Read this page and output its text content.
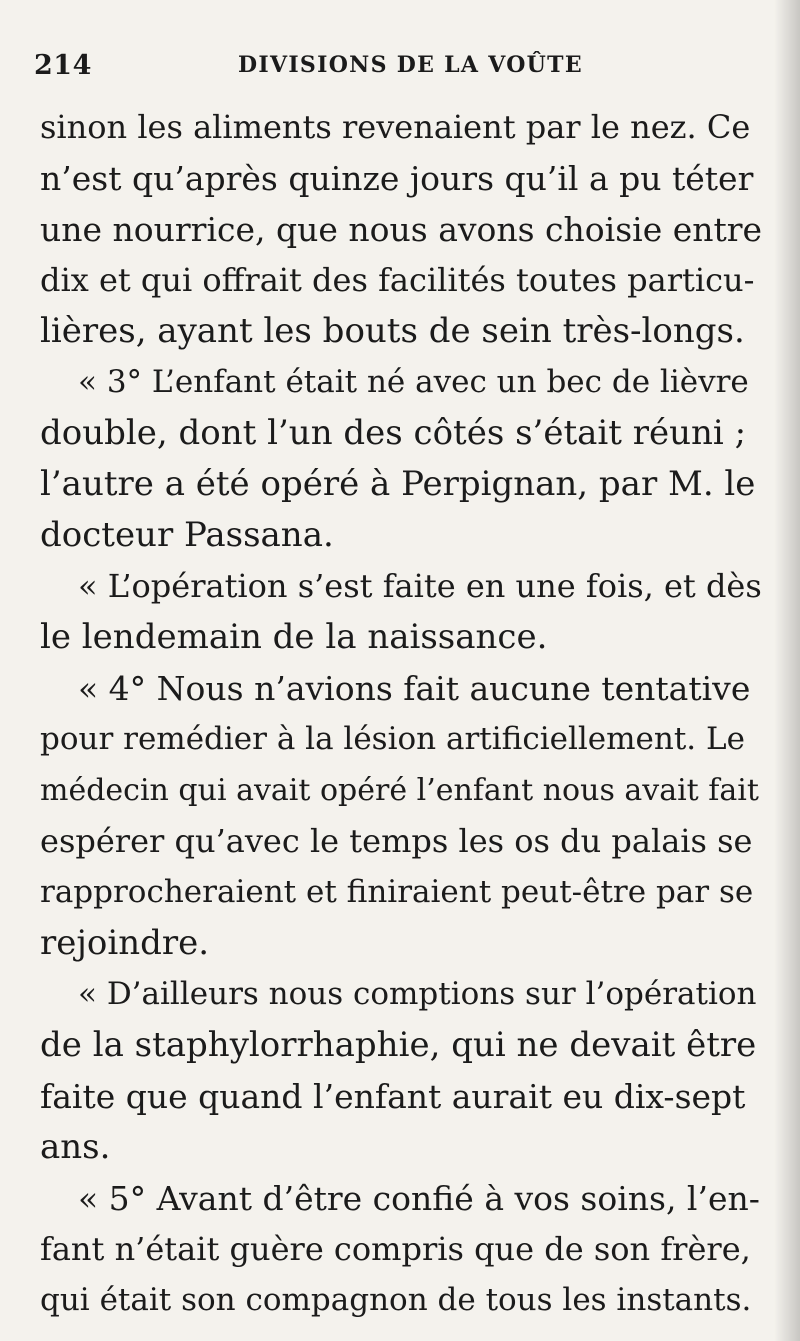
214	DIVISIONS DE LA VOÛTE
sinon les aliments revenaient par le nez. Ce
n’est qu’après quinze jours qu’il a pu téter
une nourrice, que nous avons choisie entre
dix et qui offrait des facilités toutes particu-
lières, ayant les bouts de sein très-longs.
« 3° L’enfant était né avec un bec de lièvre
double, dont l’un des côtés s’était réuni ;
l’autre a été opéré à Perpignan, par M. le
docteur Passana.
« L’opération s’est faite en une fois, et dès
le lendemain de la naissance.
« 4° Nous n’avions fait aucune tentative
pour remédier à la lésion artificiellement. Le
médecin qui avait opéré l’enfant nous avait fait
espérer qu’avec le temps les os du palais se
rapprocheraient et finiraient peut-être par se
rejoindre.
« D’ailleurs nous comptions sur l’opération
de la staphylorrhaphie, qui ne devait être
faite que quand l’enfant aurait eu dix-sept
ans.
« 5° Avant d’être confié à vos soins, l’en-
fant n’était guère compris que de son frère,
qui était son compagnon de tous les instants.
